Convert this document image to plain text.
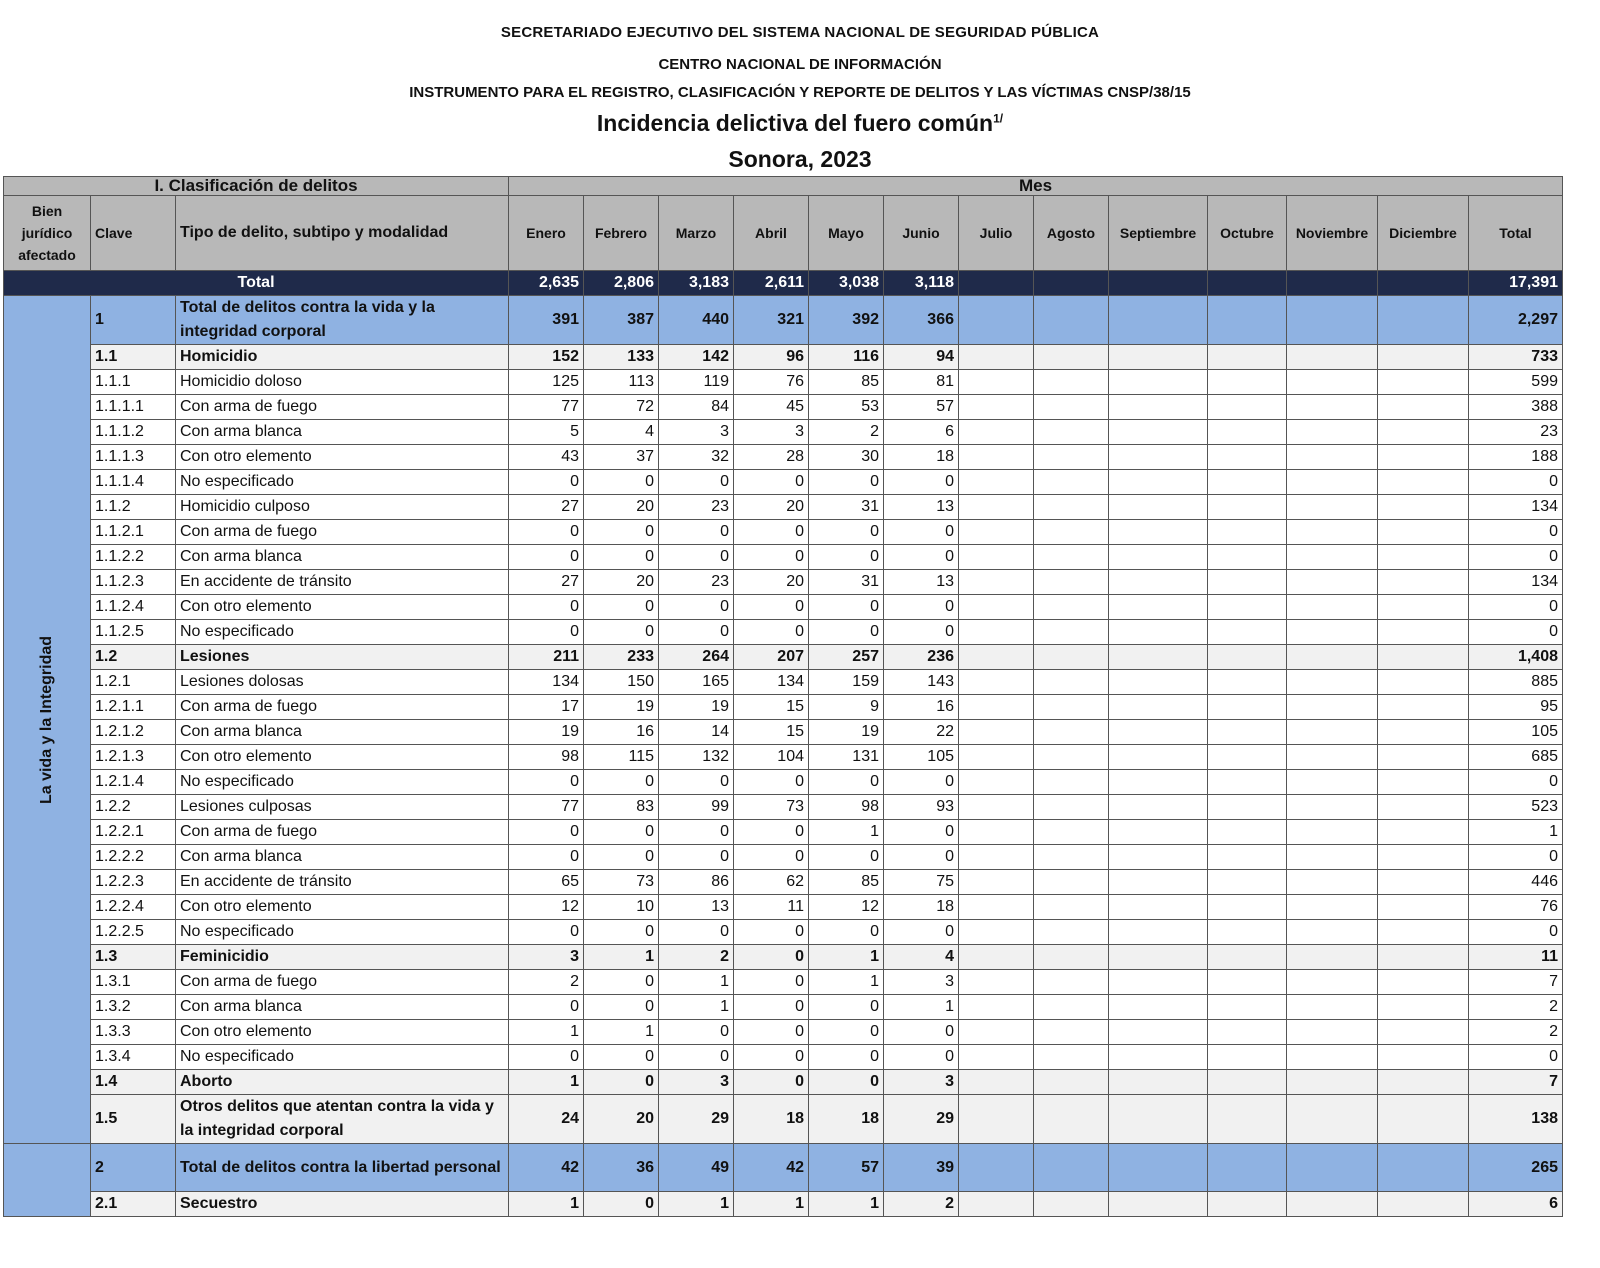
SECRETARIADO EJECUTIVO DEL SISTEMA NACIONAL DE SEGURIDAD PÚBLICA
CENTRO NACIONAL DE INFORMACIÓN
INSTRUMENTO PARA EL REGISTRO, CLASIFICACIÓN Y REPORTE DE DELITOS Y LAS VÍCTIMAS CNSP/38/15
Incidencia delictiva del fuero común$^{1/}$
Sonora, 2023
I. Clasificación de delitos			Mes												
Bien jurídico afectado	Clave	Tipo de delito, subtipo y modalidad	Enero	Febrero	Marzo	Abril	Mayo	Junio	Julio	Agosto	Septiembre	Octubre	Noviembre	Diciembre	Total
Total			2,635	2,806	3,183	2,611	3,038	3,118							17,391

La vida y la Integridad	1	Total de delitos contra la vida y la integridad corporal	391	387	440	321	392	366							2,297
	1.1	Homicidio	152	133	142	96	116	94							733
	1.1.1	Homicidio doloso	125	113	119	76	85	81							599
	1.1.1.1	Con arma de fuego	77	72	84	45	53	57							388
	1.1.1.2	Con arma blanca	5	4	3	3	2	6							23
	1.1.1.3	Con otro elemento	43	37	32	28	30	18							188
	1.1.1.4	No especificado	0	0	0	0	0	0							0
	1.1.2	Homicidio culposo	27	20	23	20	31	13							134
	1.1.2.1	Con arma de fuego	0	0	0	0	0	0							0
	1.1.2.2	Con arma blanca	0	0	0	0	0	0							0
	1.1.2.3	En accidente de tránsito	27	20	23	20	31	13							134
	1.1.2.4	Con otro elemento	0	0	0	0	0	0							0
	1.1.2.5	No especificado	0	0	0	0	0	0							0
	1.2	Lesiones	211	233	264	207	257	236							1,408
	1.2.1	Lesiones dolosas	134	150	165	134	159	143							885
	1.2.1.1	Con arma de fuego	17	19	19	15	9	16							95
	1.2.1.2	Con arma blanca	19	16	14	15	19	22							105
	1.2.1.3	Con otro elemento	98	115	132	104	131	105							685
	1.2.1.4	No especificado	0	0	0	0	0	0							0
	1.2.2	Lesiones culposas	77	83	99	73	98	93							523
	1.2.2.1	Con arma de fuego	0	0	0	0	1	0							1
	1.2.2.2	Con arma blanca	0	0	0	0	0	0							0
	1.2.2.3	En accidente de tránsito	65	73	86	62	85	75							446
	1.2.2.4	Con otro elemento	12	10	13	11	12	18							76
	1.2.2.5	No especificado	0	0	0	0	0	0							0
	1.3	Feminicidio	3	1	2	0	1	4							11
	1.3.1	Con arma de fuego	2	0	1	0	1	3							7
	1.3.2	Con arma blanca	0	0	1	0	0	1							2
	1.3.3	Con otro elemento	1	1	0	0	0	0							2
	1.3.4	No especificado	0	0	0	0	0	0							0
	1.4	Aborto	1	0	3	0	0	3							7
	1.5	Otros delitos que atentan contra la vida y la integridad corporal	24	20	29	18	18	29							138
	2	Total de delitos contra la libertad personal	42	36	49	42	57	39							265
	2.1	Secuestro	1	0	1	1	1	2							6
